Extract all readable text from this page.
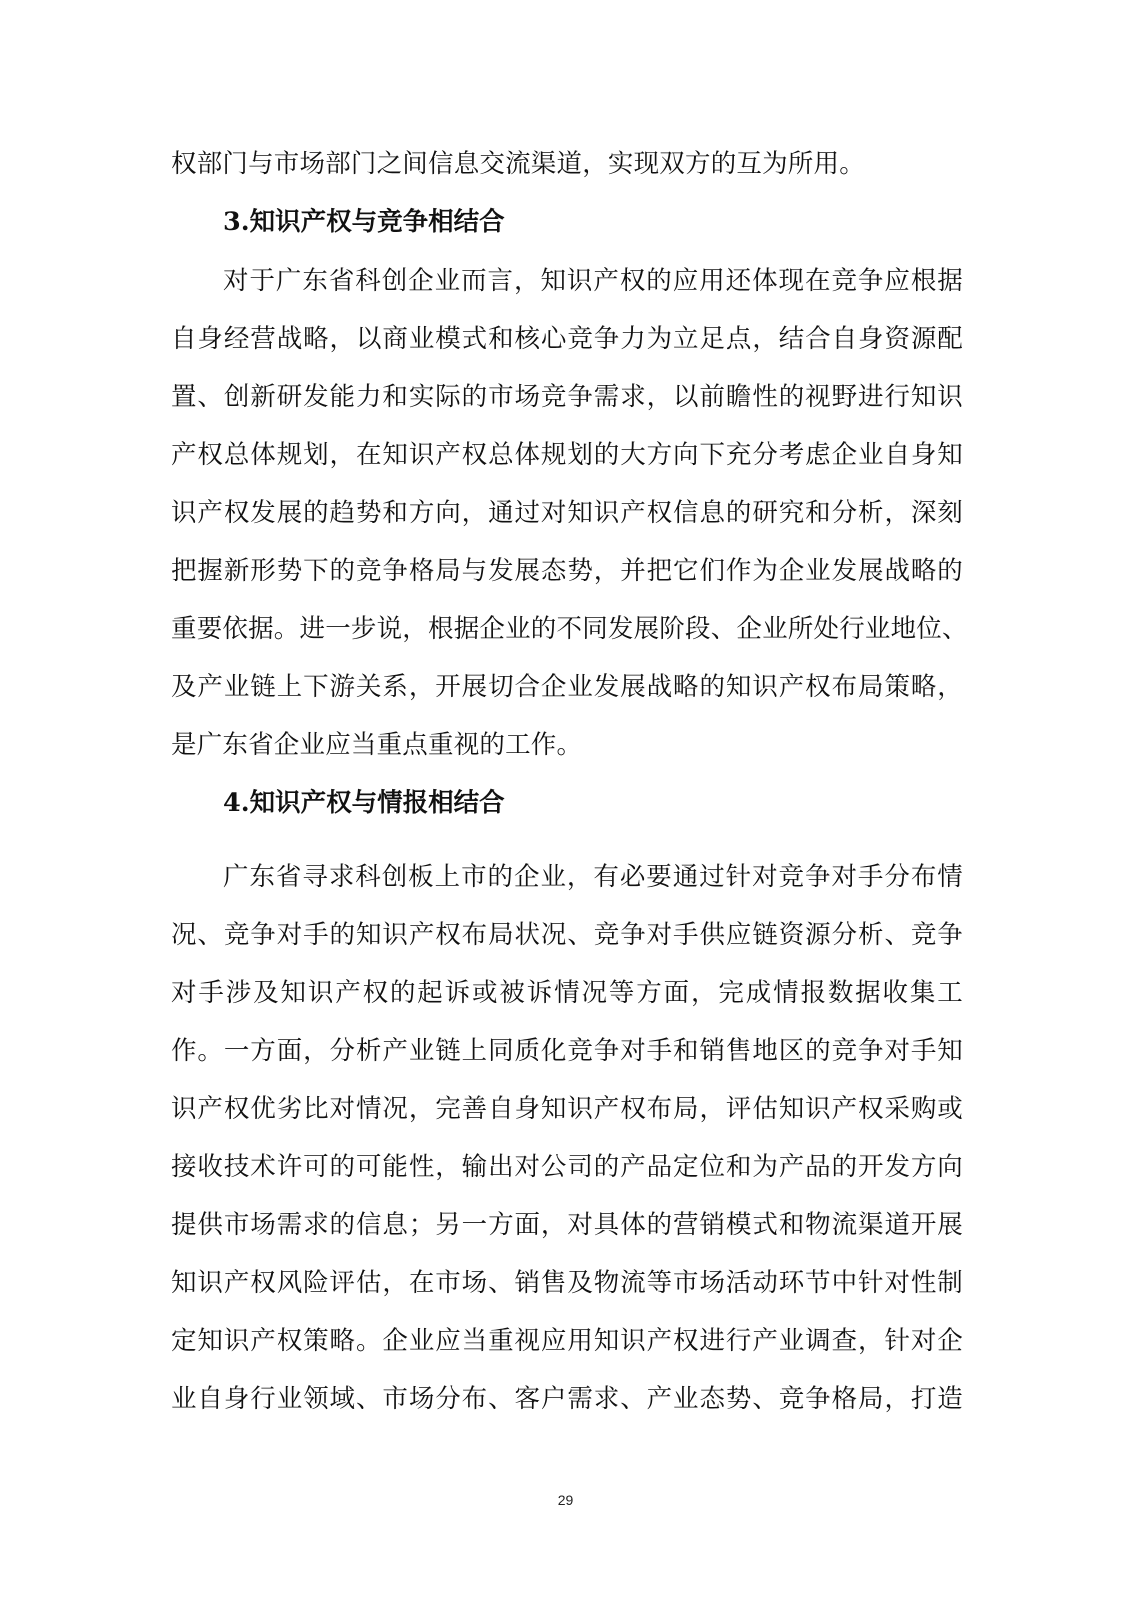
权部门与市场部门之间信息交流渠道，实现双方的互为所用。
3.知识产权与竞争相结合
对于广东省科创企业而言，知识产权的应用还体现在竞争应根据
自身经营战略，以商业模式和核心竞争力为立足点，结合自身资源配
置、创新研发能力和实际的市场竞争需求，以前瞻性的视野进行知识
产权总体规划，在知识产权总体规划的大方向下充分考虑企业自身知
识产权发展的趋势和方向，通过对知识产权信息的研究和分析，深刻
把握新形势下的竞争格局与发展态势，并把它们作为企业发展战略的
重要依据。进一步说，根据企业的不同发展阶段、企业所处行业地位、
及产业链上下游关系，开展切合企业发展战略的知识产权布局策略，
是广东省企业应当重点重视的工作。
4.知识产权与情报相结合
广东省寻求科创板上市的企业，有必要通过针对竞争对手分布情
况、竞争对手的知识产权布局状况、竞争对手供应链资源分析、竞争
对手涉及知识产权的起诉或被诉情况等方面，完成情报数据收集工
作。一方面，分析产业链上同质化竞争对手和销售地区的竞争对手知
识产权优劣比对情况，完善自身知识产权布局，评估知识产权采购或
接收技术许可的可能性，输出对公司的产品定位和为产品的开发方向
提供市场需求的信息；另一方面，对具体的营销模式和物流渠道开展
知识产权风险评估，在市场、销售及物流等市场活动环节中针对性制
定知识产权策略。企业应当重视应用知识产权进行产业调查，针对企
业自身行业领域、市场分布、客户需求、产业态势、竞争格局，打造
29
